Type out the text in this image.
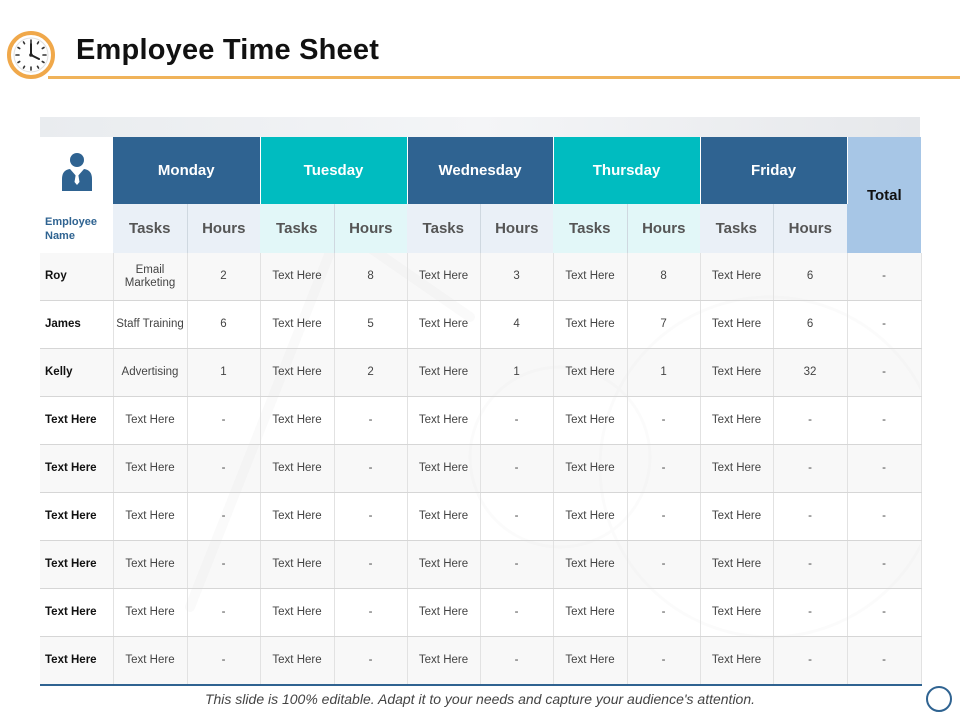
Employee Time Sheet
	Monday		Tuesday		Wednesday		Thursday		Friday		Total
Employee Name	Tasks	Hours	Tasks	Hours	Tasks	Hours	Tasks	Hours	Tasks	Hours	
Roy	Email Marketing	2	Text Here	8	Text Here	3	Text Here	8	Text Here	6	-
James	Staff Training	6	Text Here	5	Text Here	4	Text Here	7	Text Here	6	-
Kelly	Advertising	1	Text Here	2	Text Here	1	Text Here	1	Text Here	32	-
Text Here	Text Here	-	Text Here	-	Text Here	-	Text Here	-	Text Here	-	-
Text Here	Text Here	-	Text Here	-	Text Here	-	Text Here	-	Text Here	-	-
Text Here	Text Here	-	Text Here	-	Text Here	-	Text Here	-	Text Here	-	-
Text Here	Text Here	-	Text Here	-	Text Here	-	Text Here	-	Text Here	-	-
Text Here	Text Here	-	Text Here	-	Text Here	-	Text Here	-	Text Here	-	-
Text Here	Text Here	-	Text Here	-	Text Here	-	Text Here	-	Text Here	-	-
This slide is 100% editable. Adapt it to your needs and capture your audience's attention.
